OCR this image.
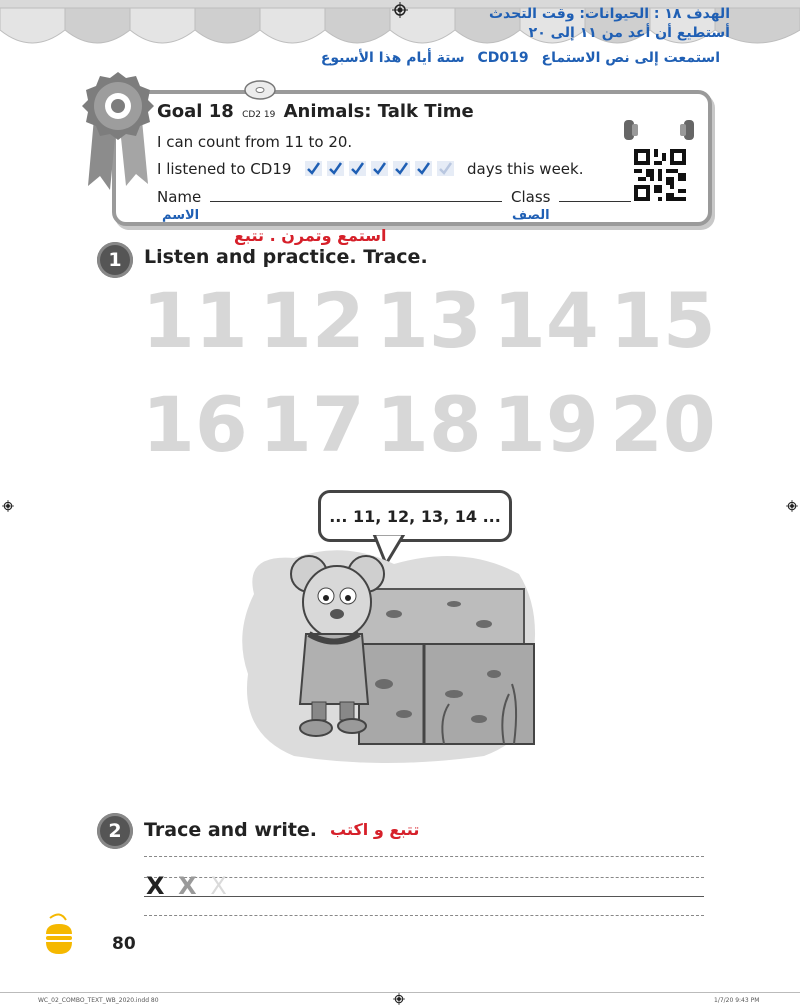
الهدف ١٨ : الحيوانات: وقت التحدث
أستطيع أن أعد من ١١ إلى ٢٠
استمعت إلى نص الاستماع CD019 ستة أيام هذا الأسبوع
Goal 18 CD2 19 Animals: Talk Time
I can count from 11 to 20.
I listened to CD19	days this week.
Name	Class
الاسم	الصف
استمع وتمرن . تتبع
1	Listen and practice. Trace.
11 12 13 14 15
16 17 18 19 20
... 11, 12, 13, 14 ...
2	Trace and write. تتبع و اكتب
X X X
80
WC_02_COMBO_TEXT_WB_2020.indd 80	1/7/20 9:43 PM
